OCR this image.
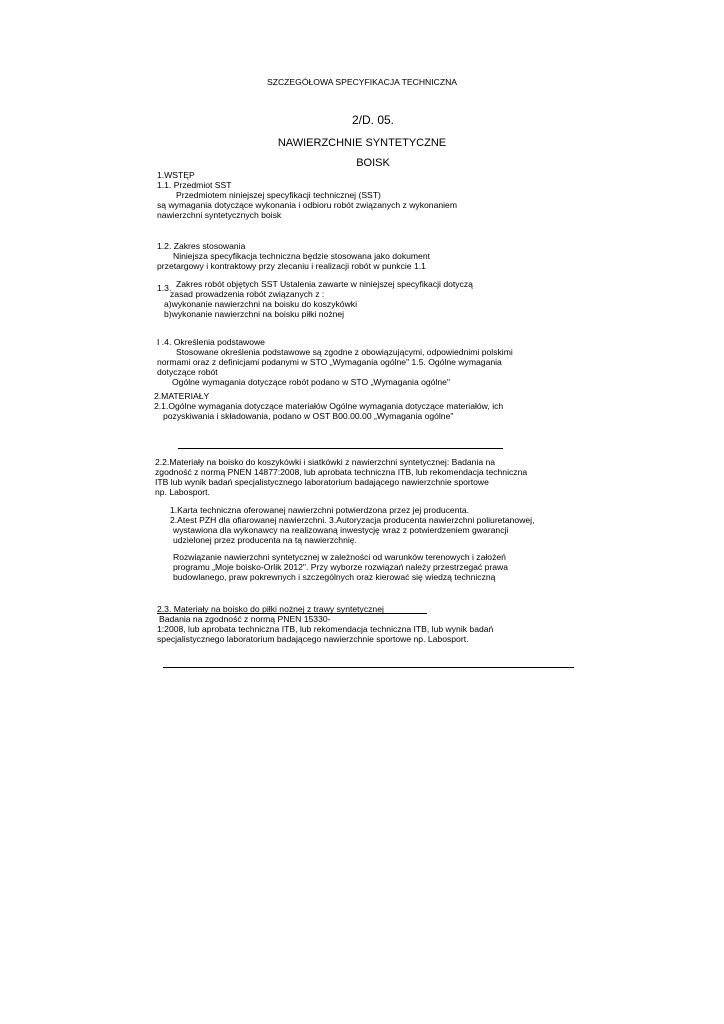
SZCZEGÓŁOWA SPECYFIKACJA TECHNICZNA
2/D. 05.
NAWIERZCHNIE SYNTETYCZNE
BOISK
1.WSTĘP
1.1. Przedmiot SST
Przedmiotem niniejszej specyfikacji technicznej (SST)
są wymagania dotyczące wykonania i odbioru robót związanych z wykonaniem
nawierzchni syntetycznych boisk
1.2. Zakres stosowania
Niniejsza specyfikacja techniczna będzie stosowana jako dokument
przetargowy i kontraktowy przy zlecaniu i realizacji robót w punkcie 1.1
1.3. Zakres robót objętych SST Ustalenia zawarte w niniejszej specyfikacji dotyczą
zasad prowadzenia robót związanych z :
a)wykonanie nawierzchni na boisku do koszykówki
b)wykonanie nawierzchni na boisku piłki nożnej
I .4. Określenia podstawowe
Stosowane określenia podstawowe są zgodne z obowiązującymi, odpowiednimi polskimi
normami oraz z definicjami podanymi w STO „Wymagania ogólne" 1.5. Ogólne wymagania
dotyczące robót
Ogólne wymagania dotyczące robót podano w STO „Wymagania ogólne"
2.MATERIAŁY
2.1.Ogólne wymagania dotyczące materiałów Ogólne wymagania dotyczące materiałów, ich
pozyskiwania i składowania, podano w OST B00.00.00 „Wymagania ogólne"
2.2.Materiały na boisko do koszykówki i siatkówki z nawierzchni syntetycznej: Badania na
zgodność z normą PNEN 14877:2008, lub aprobata techniczna ITB, lub rekomendacja techniczna
ITB lub wynik badań specjalistycznego laboratorium badającego nawierzchnie sportowe
np. Labosport.
1.Karta techniczna oferowanej nawierzchni potwierdzona przez jej producenta.
2.Atest PZH dla ofiarowanej nawierzchni. 3.Autoryzacja producenta nawierzchni poliuretanowej,
wystawiona dla wykonawcy na realizowaną inwestycję wraz z potwierdzeniem gwarancji
udzielonej przez producenta na tą nawierzchnię.
Rozwiązanie nawierzchni syntetycznej w zależności od warunków terenowych i założeń
programu „Moje boisko-Orlik 2012". Przy wyborze rozwiązań należy przestrzegać prawa
budowlanego, praw pokrewnych i szczególnych oraz kierować się wiedzą techniczną
2.3. Materiały na boisko do piłki nożnej z trawy syntetycznej
Badania na zgodność z normą PNEN 15330-
1:2008, lub aprobata techniczna ITB, lub rekomendacja techniczna ITB, lub wynik badań
specjalistycznego laboratorium badającego nawierzchnie sportowe np. Labosport.
